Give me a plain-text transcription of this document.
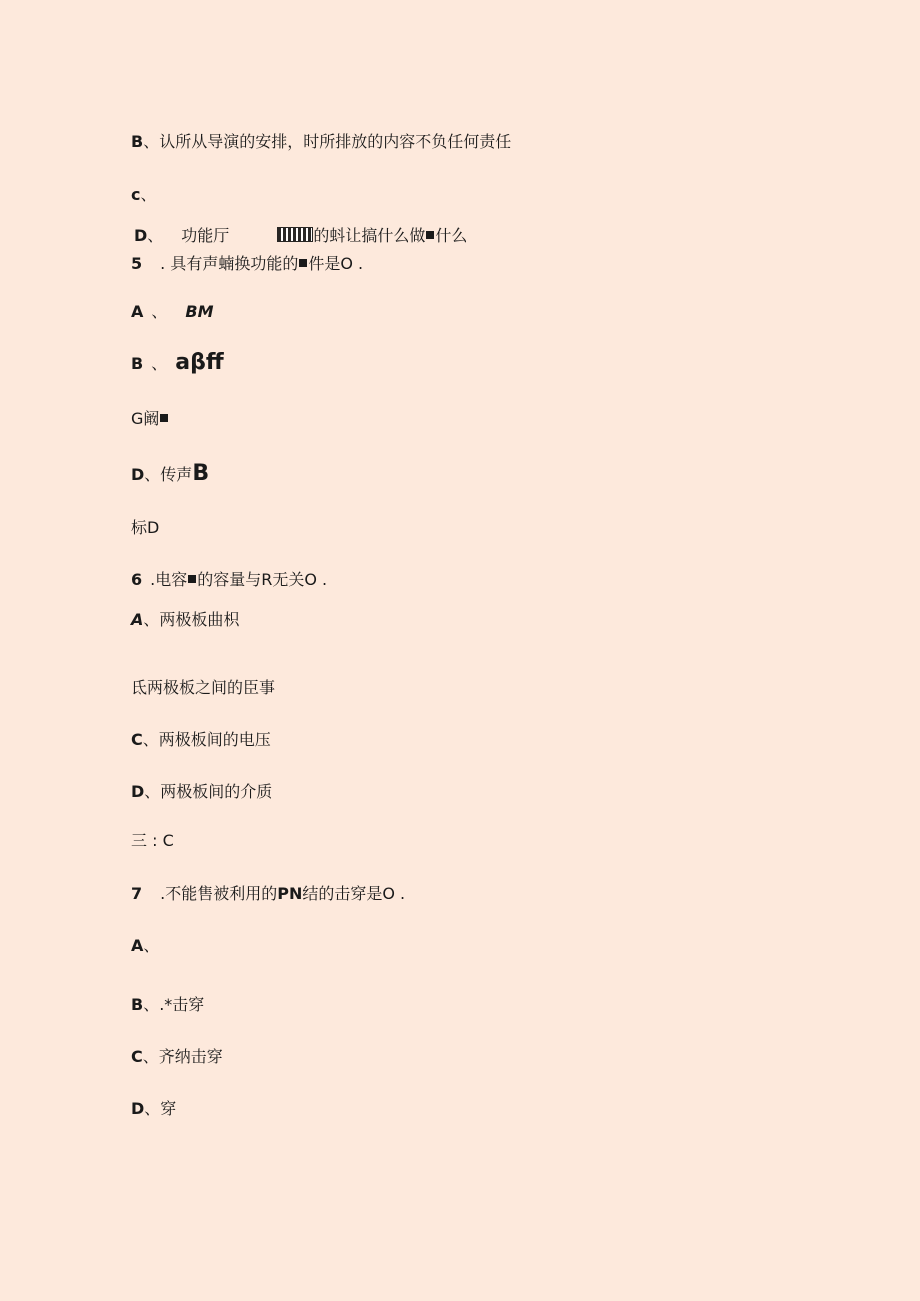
B、认所从导演的安排，时所排放的内容不负任何责任
c、
D、 功能厅	的蚪让搞什么做 什么
5 . 具有声蝻换功能的 件是O .
A 、 BM
B 、 aβff
G阚
D、传声B
标D
6 .电容 的容量与R无关O .
A、两极板曲枳
氐两极板之间的臣事
C、两极板间的电压
D、两极板间的介质
三 : C
7 .不能售被利用的PN结的击穿是O .
A、
B、.*击穿
C、齐纳击穿
D、穿
